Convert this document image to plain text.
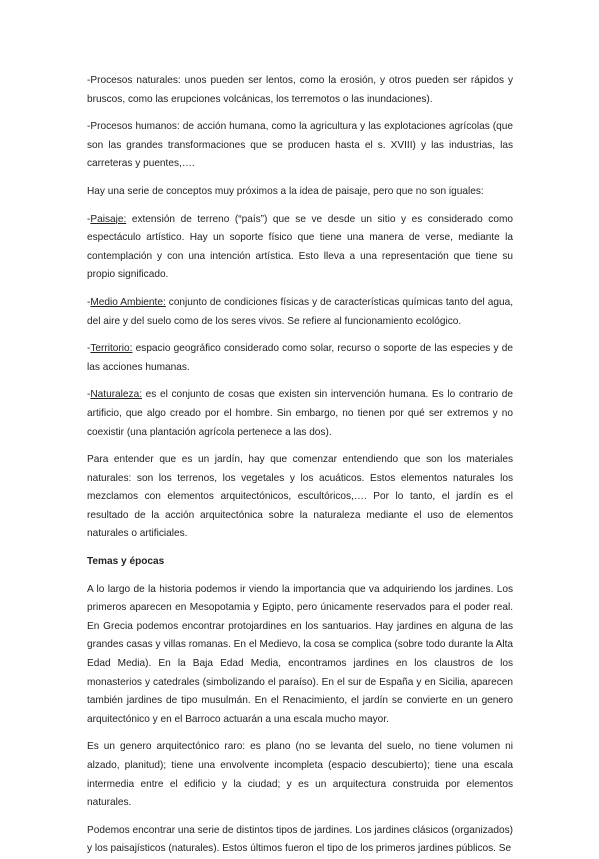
-Procesos naturales: unos pueden ser lentos, como la erosión, y otros pueden ser rápidos y bruscos, como las erupciones volcánicas, los terremotos o las inundaciones).

-Procesos humanos: de acción humana, como la agricultura y las explotaciones agrícolas (que son las grandes transformaciones que se producen hasta el s. XVIII) y las industrias, las carreteras y puentes,….

Hay una serie de conceptos muy próximos a la idea de paisaje, pero que no son iguales:

-Paisaje: extensión de terreno (“país”) que se ve desde un sitio y es considerado como espectáculo artístico. Hay un soporte físico que tiene una manera de verse, mediante la contemplación y con una intención artística. Esto lleva a una representación que tiene su propio significado.

-Medio Ambiente: conjunto de condiciones físicas y de características químicas tanto del agua, del aire y del suelo como de los seres vivos. Se refiere al funcionamiento ecológico.

-Territorio: espacio geográfico considerado como solar, recurso o soporte de las especies y de las acciones humanas.

-Naturaleza: es el conjunto de cosas que existen sin intervención humana. Es lo contrario de artificio, que algo creado por el hombre. Sin embargo, no tienen por qué ser extremos y no coexistir (una plantación agrícola pertenece a las dos).

Para entender que es un jardín, hay que comenzar entendiendo que son los materiales naturales: son los terrenos, los vegetales y los acuáticos. Estos elementos naturales los mezclamos con elementos arquitectónicos, escultóricos,…. Por lo tanto, el jardín es el resultado de la acción arquitectónica sobre la naturaleza mediante el uso de elementos naturales o artificiales.

Temas y épocas

A lo largo de la historia podemos ir viendo la importancia que va adquiriendo los jardines. Los primeros aparecen en Mesopotamia y Egipto, pero únicamente reservados para el poder real. En Grecia podemos encontrar protojardines en los santuarios. Hay jardines en alguna de las grandes casas y villas romanas. En el Medievo, la cosa se complica (sobre todo durante la Alta Edad Media). En la Baja Edad Media, encontramos jardines en los claustros de los monasterios y catedrales (simbolizando el paraíso). En el sur de España y en Sicilia, aparecen también jardines de tipo musulmán. En el Renacimiento, el jardín se convierte en un genero arquitectónico y en el Barroco actuarán a una escala mucho mayor.

Es un genero arquitectónico raro: es plano (no se levanta del suelo, no tiene volumen ni alzado, planitud); tiene una envolvente incompleta (espacio descubierto); tiene una escala intermedia entre el edificio y la ciudad; y es un arquitectura construida por elementos naturales.

Podemos encontrar una serie de distintos tipos de jardines. Los jardines clásicos (organizados) y los paisajísticos (naturales). Estos últimos fueron el tipo de los primeros jardines públicos. Se
